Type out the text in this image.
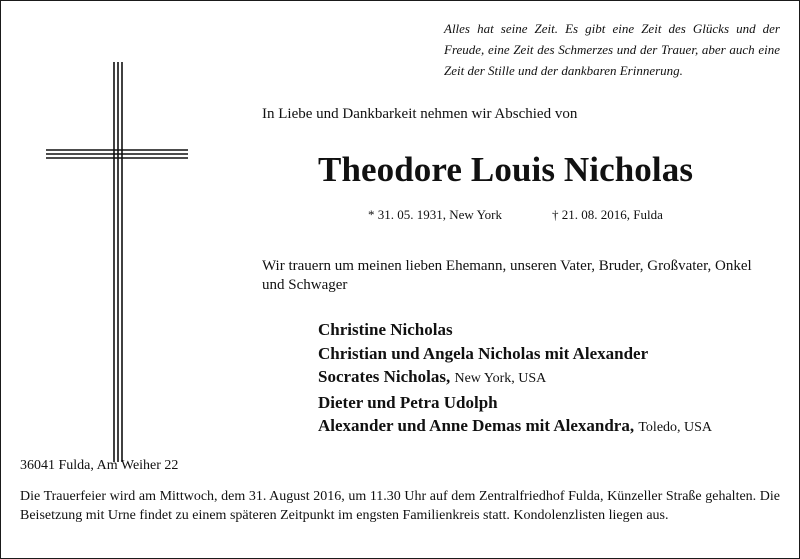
Alles hat seine Zeit. Es gibt eine Zeit des Glücks und der Freude, eine Zeit des Schmerzes und der Trauer, aber auch eine Zeit der Stille und der dankbaren Erinnerung.
In Liebe und Dankbarkeit nehmen wir Abschied von
Theodore Louis Nicholas
* 31. 05. 1931, New York	† 21. 08. 2016, Fulda
Wir trauern um meinen lieben Ehemann, unseren Vater, Bruder, Großvater, Onkel und Schwager
Christine Nicholas
Christian und Angela Nicholas mit Alexander
Socrates Nicholas, New York, USA
Dieter und Petra Udolph
Alexander und Anne Demas mit Alexandra, Toledo, USA
36041 Fulda, Am Weiher 22
Die Trauerfeier wird am Mittwoch, dem 31. August 2016, um 11.30 Uhr auf dem Zentralfriedhof Fulda, Künzeller Straße gehalten. Die Beisetzung mit Urne findet zu einem späteren Zeitpunkt im engsten Familienkreis statt. Kondolenzlisten liegen aus.
